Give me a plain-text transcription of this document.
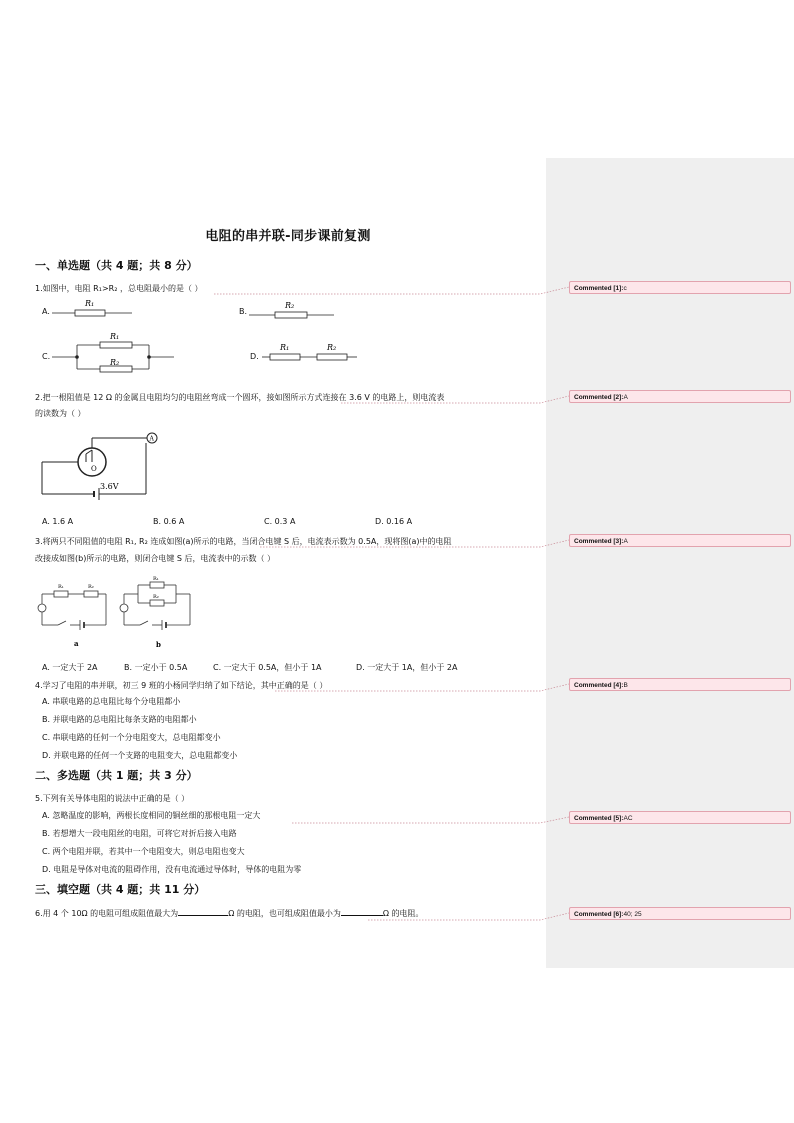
电阻的串并联-同步课前复测
一、单选题（共 4 题；共 8 分）
1.如图中，电阻 R₁>R₂ ，总电阻最小的是（ ）
A.	B.
C.	D.
R₁	R₂
R₁
R₂
R₁	R₂
2.把一根阻值是 12 Ω 的金属且电阻均匀的电阻丝弯成一个圆环，接如图所示方式连接在 3.6 V 的电路上，则电流表
的读数为（ ）
O
A
3.6V
A. 1.6 A	B. 0.6 A	C. 0.3 A	D. 0.16 A
3.将两只不同阻值的电阻 R₁, R₂ 连成如图(a)所示的电路，当闭合电键 S 后，电流表示数为 0.5A，现将图(a)中的电阻
改接成如图(b)所示的电路，则闭合电键 S 后，电流表中的示数（ ）
R₁	R₂
a
R₁
R₂
b
A. 一定大于 2A	B. 一定小于 0.5A	C. 一定大于 0.5A，但小于 1A	D. 一定大于 1A，但小于 2A
4.学习了电阻的串并联，初三 9 班的小杨同学归纳了如下结论，其中正确的是（ ）
A. 串联电路的总电阻比每个分电阻都小
B. 并联电路的总电阻比每条支路的电阻都小
C. 串联电路的任何一个分电阻变大，总电阻都变小
D. 并联电路的任何一个支路的电阻变大，总电阻都变小
二、多选题（共 1 题；共 3 分）
5.下列有关导体电阻的说法中正确的是（ ）
A. 忽略温度的影响，两根长度相同的铜丝细的那根电阻一定大
B. 若想增大一段电阻丝的电阻，可将它对折后接入电路
C. 两个电阻并联，若其中一个电阻变大，则总电阻也变大
D. 电阻是导体对电流的阻碍作用，没有电流通过导体时，导体的电阻为零
三、填空题（共 4 题；共 11 分）
6.用 4 个 10Ω 的电阻可组成阻值最大为	Ω 的电阻，也可组成阻值最小为	Ω 的电阻。
Commented [1]:c
Commented [2]:A
Commented [3]:A
Commented [4]:B
Commented [5]:AC
Commented [6]:40; 25
